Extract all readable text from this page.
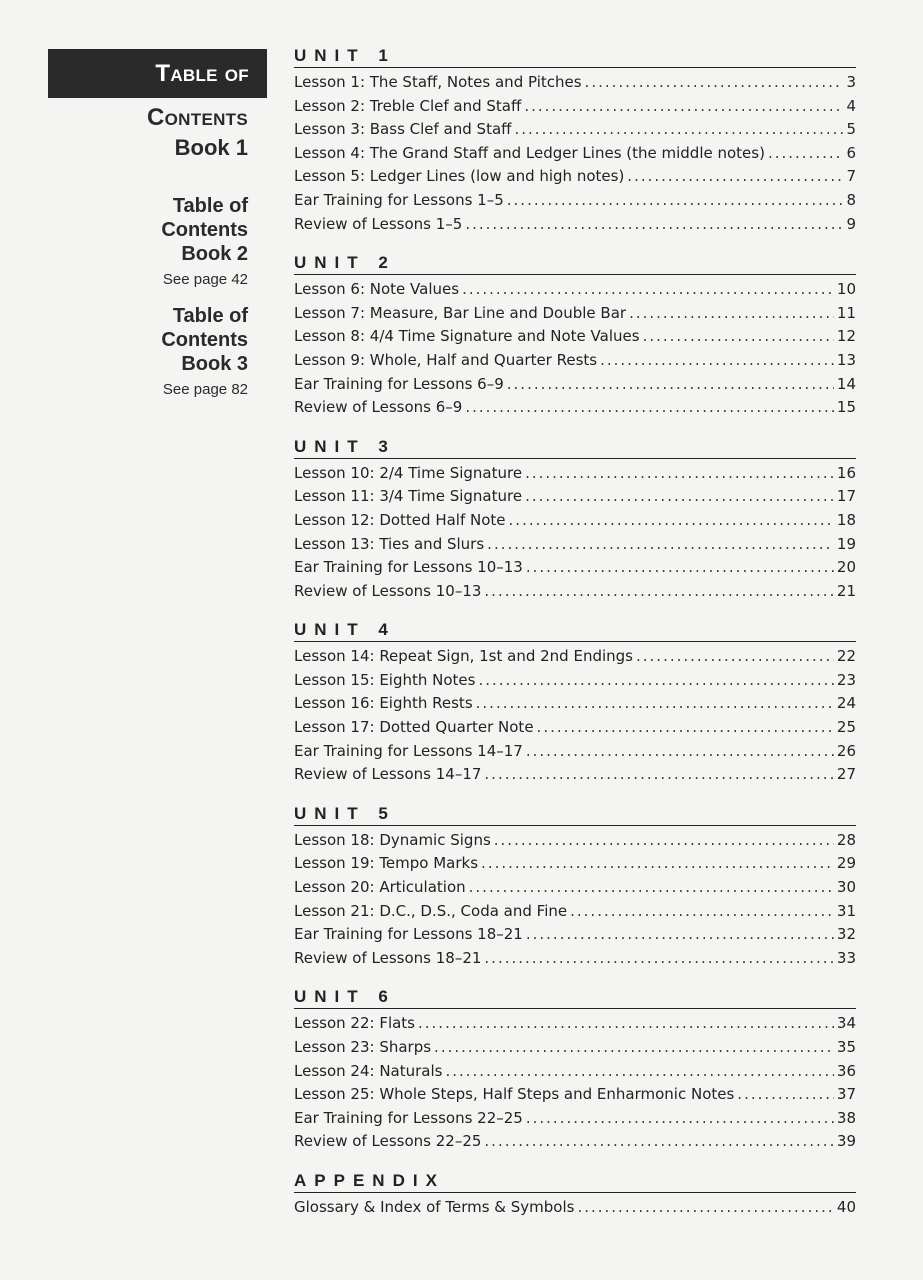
Table of
Contents
Book 1
Table of
Contents
Book 2
See page 42
Table of
Contents
Book 3
See page 82
UNIT 1
Lesson 1: The Staff, Notes and Pitches .....	3
Lesson 2: Treble Clef and Staff .....	4
Lesson 3: Bass Clef and Staff .....	5
Lesson 4: The Grand Staff and Ledger Lines (the middle notes) .....	6
Lesson 5: Ledger Lines (low and high notes) .....	7
Ear Training for Lessons 1–5 .....	8
Review of Lessons 1–5 .....	9
UNIT 2
Lesson 6: Note Values .....	10
Lesson 7: Measure, Bar Line and Double Bar .....	11
Lesson 8: 4/4 Time Signature and Note Values .....	12
Lesson 9: Whole, Half and Quarter Rests .....	13
Ear Training for Lessons 6–9 .....	14
Review of Lessons 6–9 .....	15
UNIT 3
Lesson 10: 2/4 Time Signature .....	16
Lesson 11: 3/4 Time Signature .....	17
Lesson 12: Dotted Half Note .....	18
Lesson 13: Ties and Slurs .....	19
Ear Training for Lessons 10–13 .....	20
Review of Lessons 10–13 .....	21
UNIT 4
Lesson 14: Repeat Sign, 1st and 2nd Endings .....	22
Lesson 15: Eighth Notes .....	23
Lesson 16: Eighth Rests .....	24
Lesson 17: Dotted Quarter Note .....	25
Ear Training for Lessons 14–17 .....	26
Review of Lessons 14–17 .....	27
UNIT 5
Lesson 18: Dynamic Signs .....	28
Lesson 19: Tempo Marks .....	29
Lesson 20: Articulation .....	30
Lesson 21: D.C., D.S., Coda and Fine .....	31
Ear Training for Lessons 18–21 .....	32
Review of Lessons 18–21 .....	33
UNIT 6
Lesson 22: Flats .....	34
Lesson 23: Sharps .....	35
Lesson 24: Naturals .....	36
Lesson 25: Whole Steps, Half Steps and Enharmonic Notes .....	37
Ear Training for Lessons 22–25 .....	38
Review of Lessons 22–25 .....	39
APPENDIX
Glossary & Index of Terms & Symbols .....	40
